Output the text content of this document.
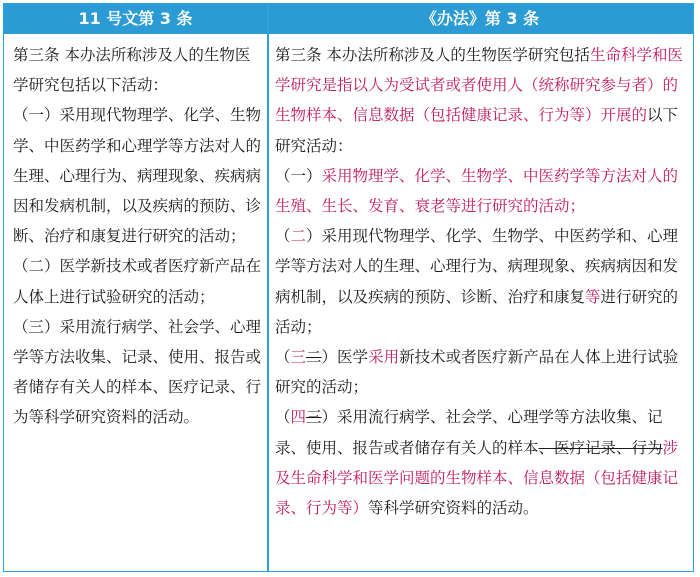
11 号文第 3 条	《办法》第 3 条

第三条 本办法所称涉及人的生物医学研究包括以下活动：

（一）采用现代物理学、化学、生物学、中医药学和心理学等方法对人的生理、心理行为、病理现象、疾病病因和发病机制，以及疾病的预防、诊断、治疗和康复进行研究的活动；

（二）医学新技术或者医疗新产品在人体上进行试验研究的活动；

（三）采用流行病学、社会学、心理学等方法收集、记录、使用、报告或者储存有关人的样本、医疗记录、行为等科学研究资料的活动。

第三条 本办法所称涉及人的生物医学研究包括生命科学和医学研究是指以人为受试者或者使用人（统称研究参与者）的生物样本、信息数据（包括健康记录、行为等）开展的以下研究活动：

（一）采用物理学、化学、生物学、中医药学等方法对人的生殖、生长、发育、衰老等进行研究的活动；

（二）采用现代物理学、化学、生物学、中医药学和、心理学等方法对人的生理、心理行为、病理现象、疾病病因和发病机制，以及疾病的预防、诊断、治疗和康复等进行研究的活动；

（三二）医学采用新技术或者医疗新产品在人体上进行试验研究的活动；

（四三）采用流行病学、社会学、心理学等方法收集、记录、使用、报告或者储存有关人的样本、医疗记录、行为涉及生命科学和医学问题的生物样本、信息数据（包括健康记录、行为等）等科学研究资料的活动。
